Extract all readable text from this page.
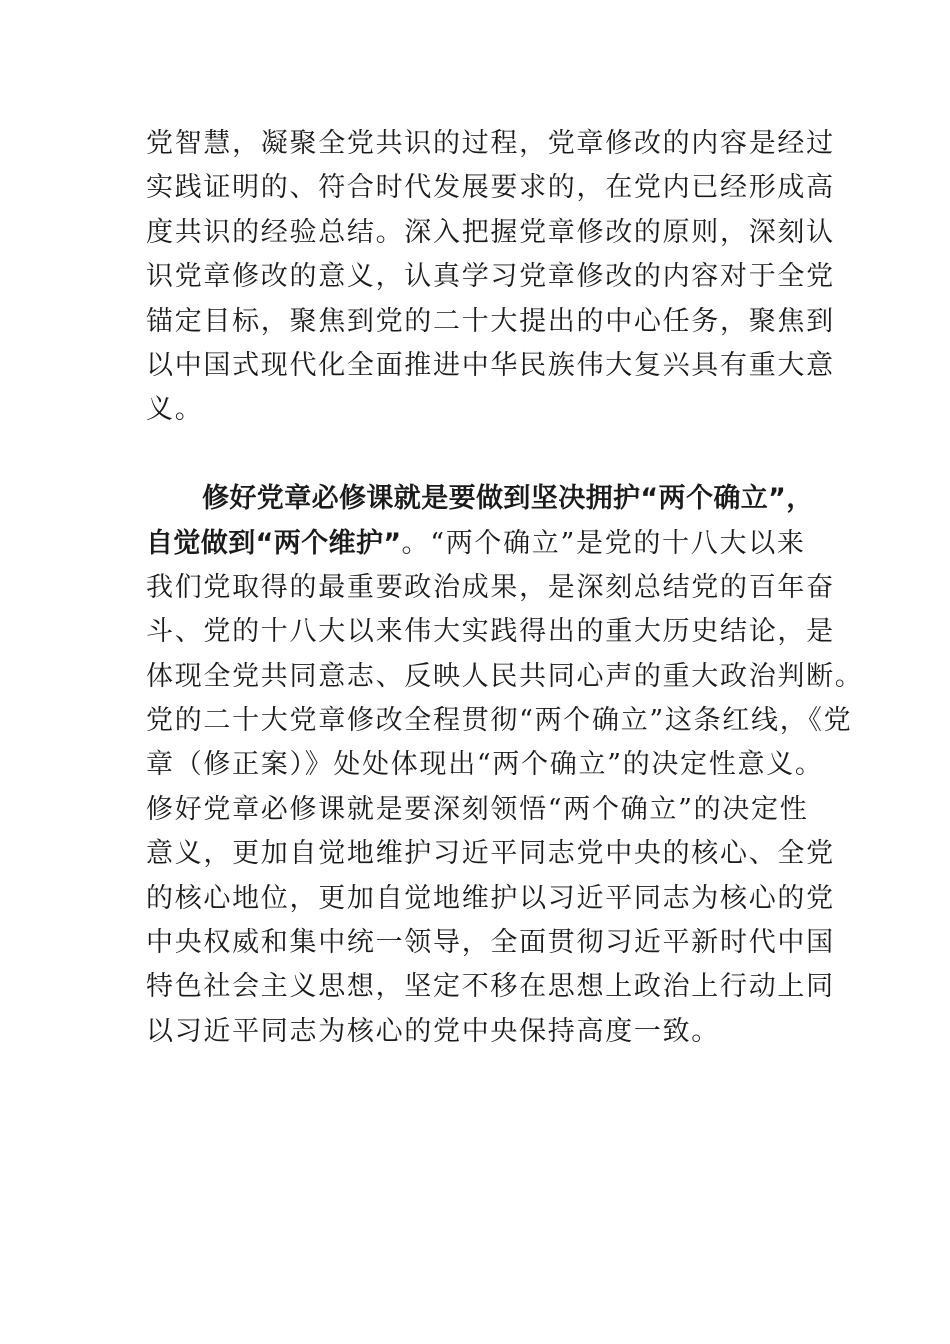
党智慧，凝聚全党共识的过程，党章修改的内容是经过
实践证明的、符合时代发展要求的，在党内已经形成高
度共识的经验总结。深入把握党章修改的原则，深刻认
识党章修改的意义，认真学习党章修改的内容对于全党
锚定目标，聚焦到党的二十大提出的中心任务，聚焦到
以中国式现代化全面推进中华民族伟大复兴具有重大意
义。
修好党章必修课就是要做到坚决拥护“两个确立”，
自觉做到“两个维护”。“两个确立”是党的十八大以来
我们党取得的最重要政治成果，是深刻总结党的百年奋
斗、党的十八大以来伟大实践得出的重大历史结论，是
体现全党共同意志、反映人民共同心声的重大政治判断。
党的二十大党章修改全程贯彻“两个确立”这条红线，《党
章（修正案）》处处体现出“两个确立”的决定性意义。
修好党章必修课就是要深刻领悟“两个确立”的决定性
意义，更加自觉地维护习近平同志党中央的核心、全党
的核心地位，更加自觉地维护以习近平同志为核心的党
中央权威和集中统一领导，全面贯彻习近平新时代中国
特色社会主义思想，坚定不移在思想上政治上行动上同
以习近平同志为核心的党中央保持高度一致。
